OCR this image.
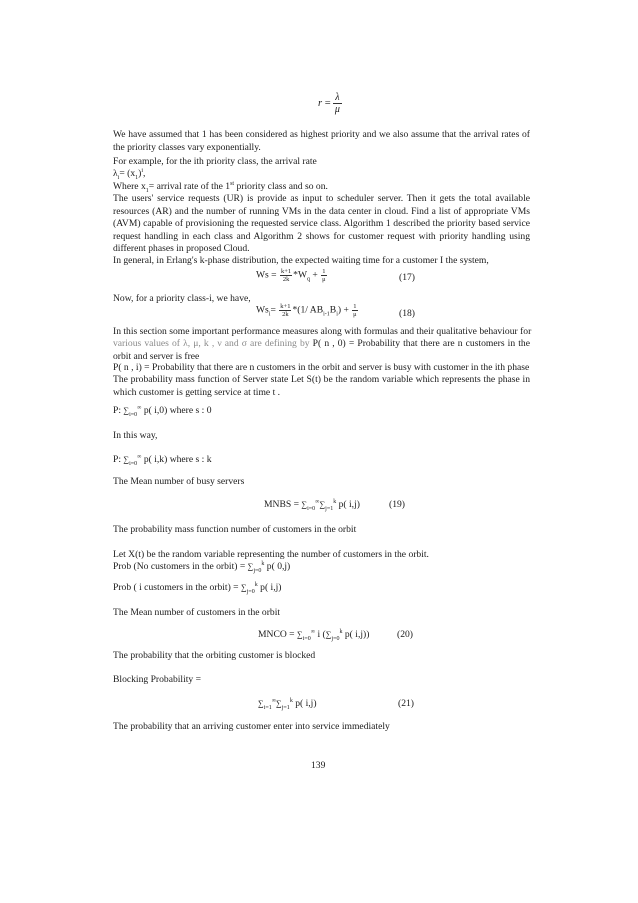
$r = \frac{\lambda}{\mu}$
We have assumed that 1 has been considered as highest priority and we also assume that the arrival rates of the priority classes vary exponentially.
For example, for the ith priority class, the arrival rate
$\lambda_i= (x_1)^i$,
Where $x_1=$ arrival rate of the 1st priority class and so on.
The users' service requests (UR) is provide as input to scheduler server. Then it gets the total available resources (AR) and the number of running VMs in the data center in cloud. Find a list of appropriate VMs (AVM) capable of provisioning the requested service class. Algorithm 1 described the priority based service request handling in each class and Algorithm 2 shows for customer request with priority handling using different phases in proposed Cloud.
In general, in Erlang's k-phase distribution, the expected waiting time for a customer I the system,
$Ws = \frac{k+1}{2k} *W_q + \frac{1}{\mu}$	(17)
Now, for a priority class-i, we have,
$Ws_i= \frac{k+1}{2k} *(1/$ $AB_{i-1}B_i) + \frac{1}{\mu}$	(18)
In this section some important performance measures along with formulas and their qualitative behaviour for
various values of λ, μ, k , ν and σ are defining by P( n , 0) = Probability that there are n customers in the orbit and server is free
P( n , i) = Probability that there are n customers in the orbit and server is busy with customer in the ith phase
The probability mass function of Server state Let S(t) be the random variable which represents the phase in which customer is getting service at time t .
P: $\sum_{i=0}^\infty$ p( i,0) where s : 0
In this way,
P: $\sum_{i=0}^\infty$ p( i,k) where s : k
The Mean number of busy servers
MNBS = $\sum_{i=0}^\infty\sum_{j=1}^k$ p( i,j)	(19)
The probability mass function number of customers in the orbit
Let X(t) be the random variable representing the number of customers in the orbit.
Prob (No customers in the orbit) = $\sum_{j=0}^k$ p( 0,j)
Prob ( i customers in the orbit) = $\sum_{j=0}^k$ p( i,j)
The Mean number of customers in the orbit
MNCO = $\sum_{i=0}^\infty$ i ($\sum_{j=0}^k$ p( i,j))	(20)
The probability that the orbiting customer is blocked
Blocking Probability =
$\sum_{i=1}^\infty\sum_{j=1}^k$ p( i,j)	(21)
The probability that an arriving customer enter into service immediately
139
